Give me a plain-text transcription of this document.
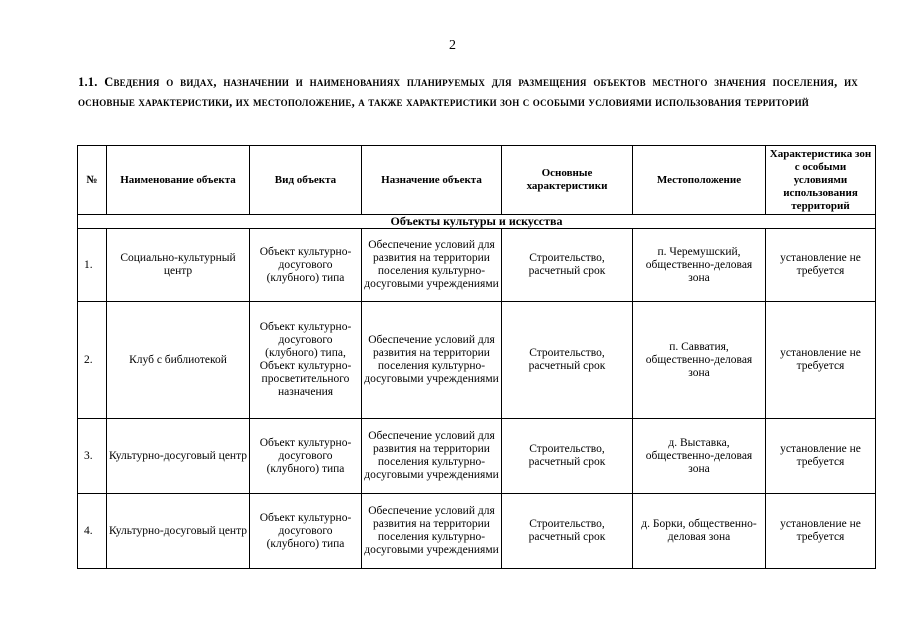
2
1.1. Сведения о видах, назначении и наименованиях планируемых для размещения объектов местного значения поселения, их основные характеристики, их местоположение, а также характеристики зон с особыми условиями использования территорий
№	Наименование объекта	Вид объекта	Назначение объекта	Основные характеристики	Местоположение	Характеристика зон с особыми условиями использования территорий
Объекты культуры и искусства						
1.	Социально-культурный центр	Объект культурно-досугового (клубного) типа	Обеспечение условий для развития на территории поселения культурно-досуговыми учреждениями	Строительство, расчетный срок	п. Черемушский, общественно-деловая зона	установление не требуется
2.	Клуб с библиотекой	Объект культурно-досугового (клубного) типа, Объект культурно-просветительного назначения	Обеспечение условий для развития на территории поселения культурно-досуговыми учреждениями	Строительство, расчетный срок	п. Савватия, общественно-деловая зона	установление не требуется
3.	Культурно-досуговый центр	Объект культурно-досугового (клубного) типа	Обеспечение условий для развития на территории поселения культурно-досуговыми учреждениями	Строительство, расчетный срок	д. Выставка, общественно-деловая зона	установление не требуется
4.	Культурно-досуговый центр	Объект культурно-досугового (клубного) типа	Обеспечение условий для развития на территории поселения культурно-досуговыми учреждениями	Строительство, расчетный срок	д. Борки, общественно-деловая зона	установление не требуется
